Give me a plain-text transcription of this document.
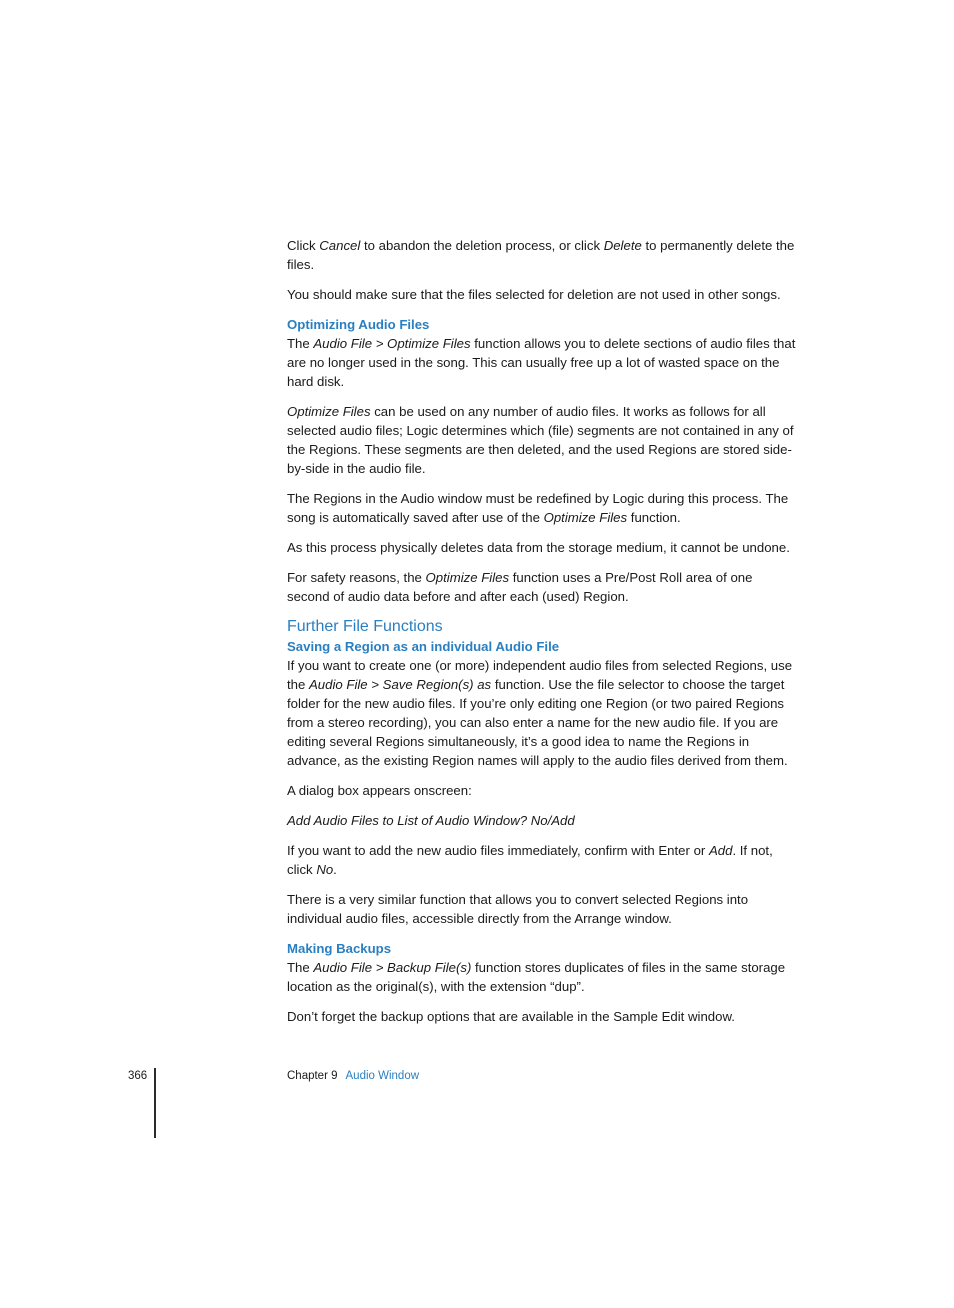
Click Cancel to abandon the deletion process, or click Delete to permanently delete the files.

You should make sure that the files selected for deletion are not used in other songs.

Optimizing Audio Files

The Audio File > Optimize Files function allows you to delete sections of audio files that are no longer used in the song. This can usually free up a lot of wasted space on the hard disk.

Optimize Files can be used on any number of audio files. It works as follows for all selected audio files; Logic determines which (file) segments are not contained in any of the Regions. These segments are then deleted, and the used Regions are stored side-by-side in the audio file.

The Regions in the Audio window must be redefined by Logic during this process. The song is automatically saved after use of the Optimize Files function.

As this process physically deletes data from the storage medium, it cannot be undone.

For safety reasons, the Optimize Files function uses a Pre/Post Roll area of one second of audio data before and after each (used) Region.

Further File Functions
Saving a Region as an individual Audio File

If you want to create one (or more) independent audio files from selected Regions, use the Audio File > Save Region(s) as function. Use the file selector to choose the target folder for the new audio files. If you’re only editing one Region (or two paired Regions from a stereo recording), you can also enter a name for the new audio file. If you are editing several Regions simultaneously, it’s a good idea to name the Regions in advance, as the existing Region names will apply to the audio files derived from them.

A dialog box appears onscreen:

Add Audio Files to List of Audio Window? No/Add

If you want to add the new audio files immediately, confirm with Enter or Add. If not, click No.

There is a very similar function that allows you to convert selected Regions into individual audio files, accessible directly from the Arrange window.

Making Backups

The Audio File > Backup File(s) function stores duplicates of files in the same storage location as the original(s), with the extension “dup”.

Don’t forget the backup options that are available in the Sample Edit window.

366	Chapter 9 Audio Window
